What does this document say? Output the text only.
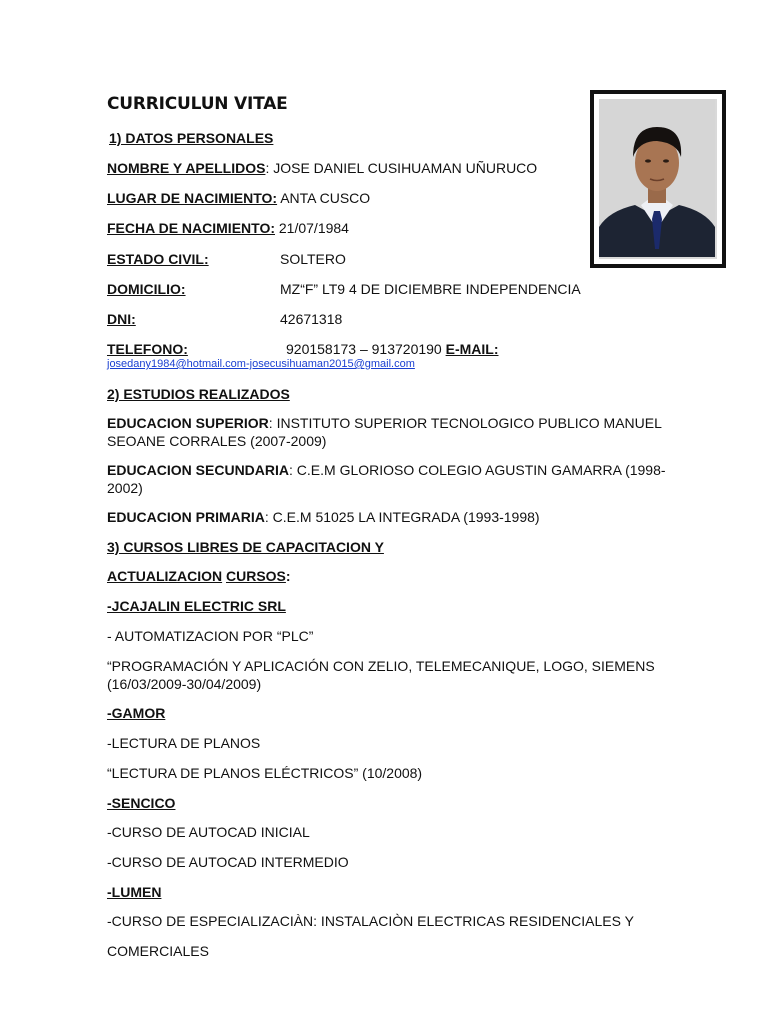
CURRICULUN VITAE
1) DATOS PERSONALES
NOMBRE Y APELLIDOS: JOSE DANIEL CUSIHUAMAN UÑURUCO
LUGAR DE NACIMIENTO: ANTA CUSCO
FECHA DE NACIMIENTO: 21/07/1984
ESTADO CIVIL:	SOLTERO
DOMICILIO:	MZ“F” LT9 4 DE DICIEMBRE INDEPENDENCIA
DNI:	42671318
TELEFONO:	920158173 – 913720190 E-MAIL:
josedany1984@hotmail.com-josecusihuaman2015@gmail.com
2) ESTUDIOS REALIZADOS
EDUCACION SUPERIOR: INSTITUTO SUPERIOR TECNOLOGICO PUBLICO MANUEL SEOANE CORRALES (2007-2009)
EDUCACION SECUNDARIA: C.E.M GLORIOSO COLEGIO AGUSTIN GAMARRA (1998-2002)
EDUCACION PRIMARIA: C.E.M 51025 LA INTEGRADA (1993-1998)
3) CURSOS LIBRES DE CAPACITACION Y
ACTUALIZACION CURSOS:
-JCAJALIN ELECTRIC SRL
- AUTOMATIZACION POR “PLC”
“PROGRAMACIÓN Y APLICACIÓN CON ZELIO, TELEMECANIQUE, LOGO, SIEMENS (16/03/2009-30/04/2009)
-GAMOR
-LECTURA DE PLANOS
“LECTURA DE PLANOS ELÉCTRICOS” (10/2008)
-SENCICO
-CURSO DE AUTOCAD INICIAL
-CURSO DE AUTOCAD INTERMEDIO
-LUMEN
-CURSO DE ESPECIALIZACIÀN: INSTALACIÒN ELECTRICAS RESIDENCIALES Y
COMERCIALES
